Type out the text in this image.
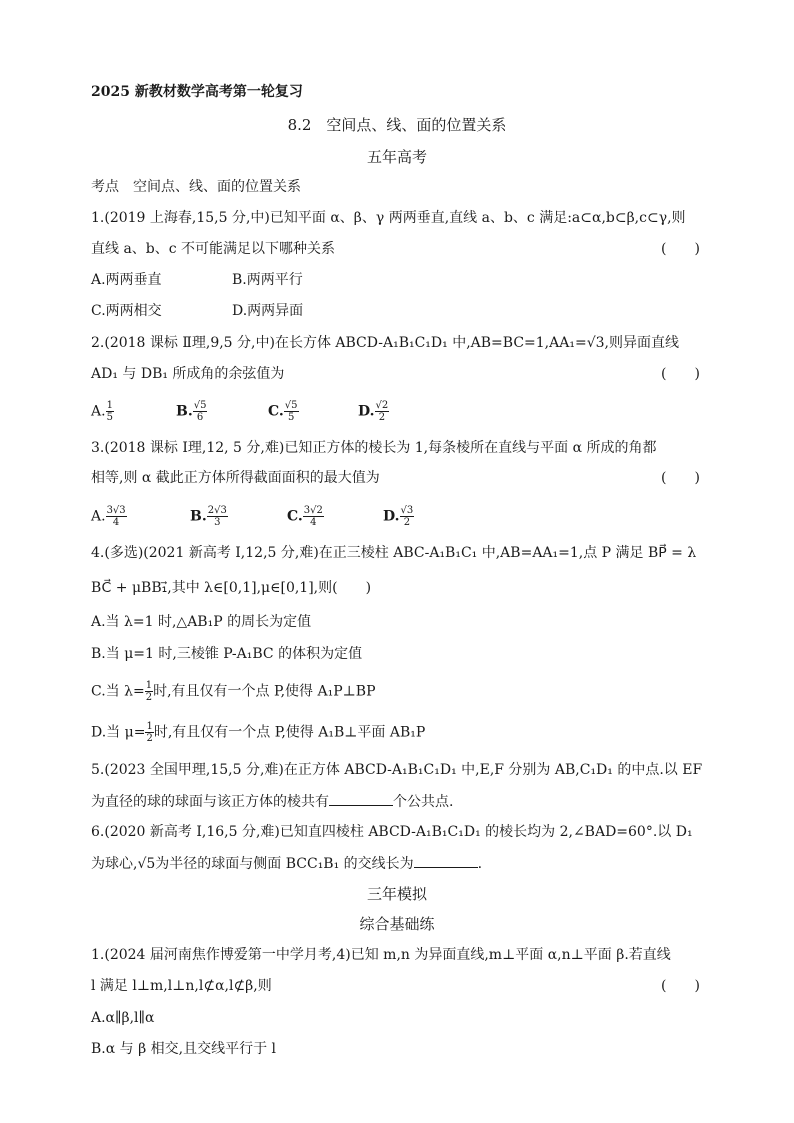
2025 新教材数学高考第一轮复习
8.2　空间点、线、面的位置关系
五年高考
考点　空间点、线、面的位置关系
1.(2019 上海春,15,5 分,中)已知平面 α、β、γ 两两垂直,直线 a、b、c 满足:a⊂α,b⊂β,c⊂γ,则
直线 a、b、c 不可能满足以下哪种关系	(　　)
A.两两垂直	B.两两平行
C.两两相交	D.两两异面
2.(2018 课标 Ⅱ理,9,5 分,中)在长方体 ABCD-A₁B₁C₁D₁ 中,AB=BC=1,AA₁=√3,则异面直线
AD₁ 与 DB₁ 所成角的余弦值为	(　　)
A. $\frac{1}{5}$	B. $\frac{√5}{6}$	C. $\frac{√5}{5}$	D. $\frac{√2}{2}$
3.(2018 课标 Ⅰ理,12, 5 分,难)已知正方体的棱长为 1,每条棱所在直线与平面 α 所成的角都
相等,则 α 截此正方体所得截面面积的最大值为	(　　)
A. $\frac{3√3}{4}$	B. $\frac{2√3}{3}$	C. $\frac{3√2}{4}$	D. $\frac{√3}{2}$
4.(多选)(2021 新高考 Ⅰ,12,5 分,难)在正三棱柱 ABC-A₁B₁C₁ 中,AB=AA₁=1,点 P 满足 BP⃗ = λ
BC⃗ + μBB₁⃗,其中 λ∈[0,1],μ∈[0,1],则(　　)
A.当 λ=1 时,△AB₁P 的周长为定值
B.当 μ=1 时,三棱锥 P-A₁BC 的体积为定值
C.当 $\lambda= \frac{1}{2}$ 时,有且仅有一个点 P,使得 A₁P⊥BP
D.当 $\mu= \frac{1}{2}$ 时,有且仅有一个点 P,使得 A₁B⊥平面 AB₁P
5.(2023 全国甲理,15,5 分,难)在正方体 ABCD-A₁B₁C₁D₁ 中,E,F 分别为 AB,C₁D₁ 的中点.以 EF
为直径的球的球面与该正方体的棱共有	个公共点.
6.(2020 新高考 Ⅰ,16,5 分,难)已知直四棱柱 ABCD-A₁B₁C₁D₁ 的棱长均为 2,∠BAD=60°.以 D₁
为球心,√5为半径的球面与侧面 BCC₁B₁ 的交线长为	.
三年模拟
综合基础练
1.(2024 届河南焦作博爱第一中学月考,4)已知 m,n 为异面直线,m⊥平面 α,n⊥平面 β.若直线
l 满足 l⊥m,l⊥n,l⊄α,l⊄β,则	(　　)
A.α∥β,l∥α
B.α 与 β 相交,且交线平行于 l
